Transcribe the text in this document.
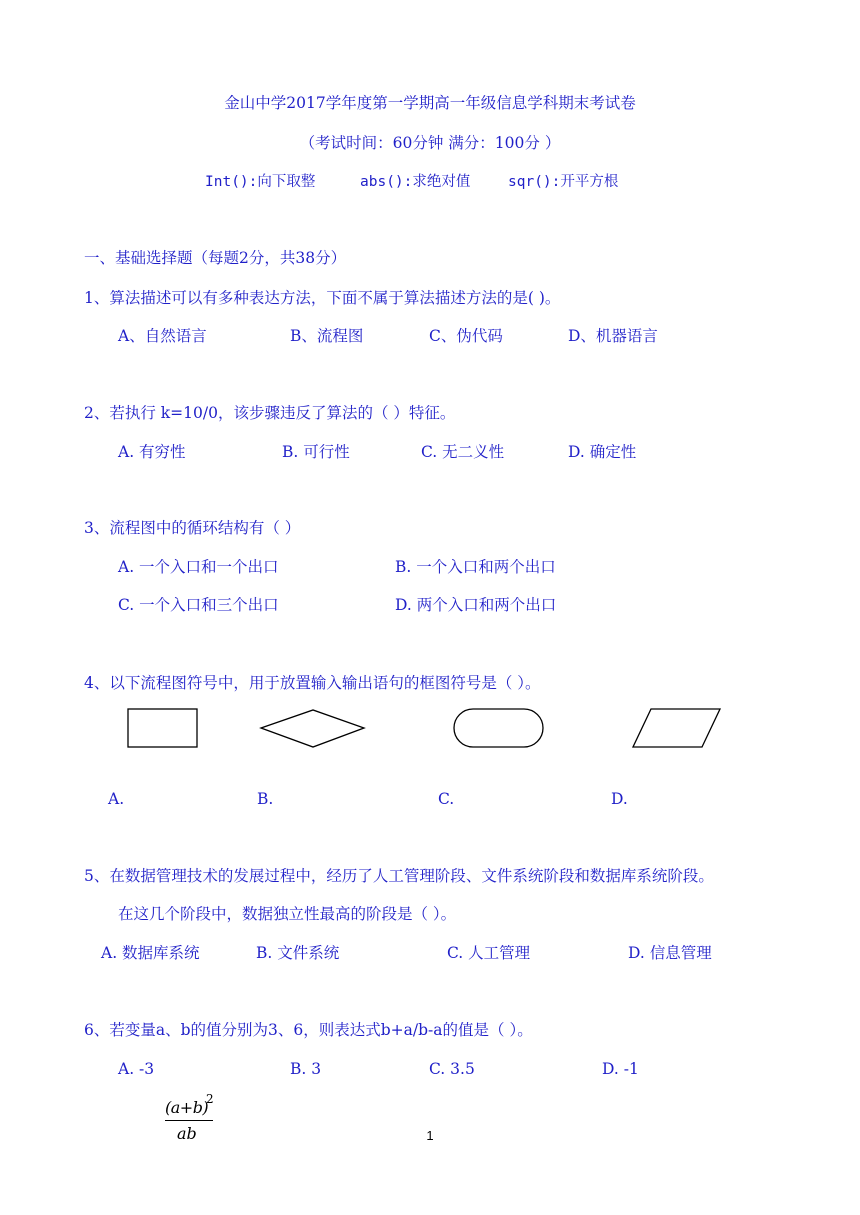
金山中学2017学年度第一学期高一年级信息学科期末考试卷
（考试时间：60分钟 满分：100分 ）
Int():向下取整	abs():求绝对值	sqr():开平方根
一、基础选择题（每题2分，共38分）
1、算法描述可以有多种表达方法，下面不属于算法描述方法的是( )。
A、自然语言	B、流程图	C、伪代码	D、机器语言
2、若执行 k=10/0，该步骤违反了算法的（ ）特征。
A. 有穷性	B. 可行性	C. 无二义性	D. 确定性
3、流程图中的循环结构有（ ）
A. 一个入口和一个出口	B. 一个入口和两个出口
C. 一个入口和三个出口	D. 两个入口和两个出口
4、以下流程图符号中，用于放置输入输出语句的框图符号是（ ）。
A.	B.	C.	D.
5、在数据管理技术的发展过程中，经历了人工管理阶段、文件系统阶段和数据库系统阶段。
在这几个阶段中，数据独立性最高的阶段是（ ）。
A. 数据库系统	B. 文件系统	C. 人工管理	D. 信息管理
6、若变量a、b的值分别为3、6，则表达式b+a/b-a的值是（ ）。
A. -3	B. 3	C. 3.5	D. -1
(a+b)
2
ab	1
